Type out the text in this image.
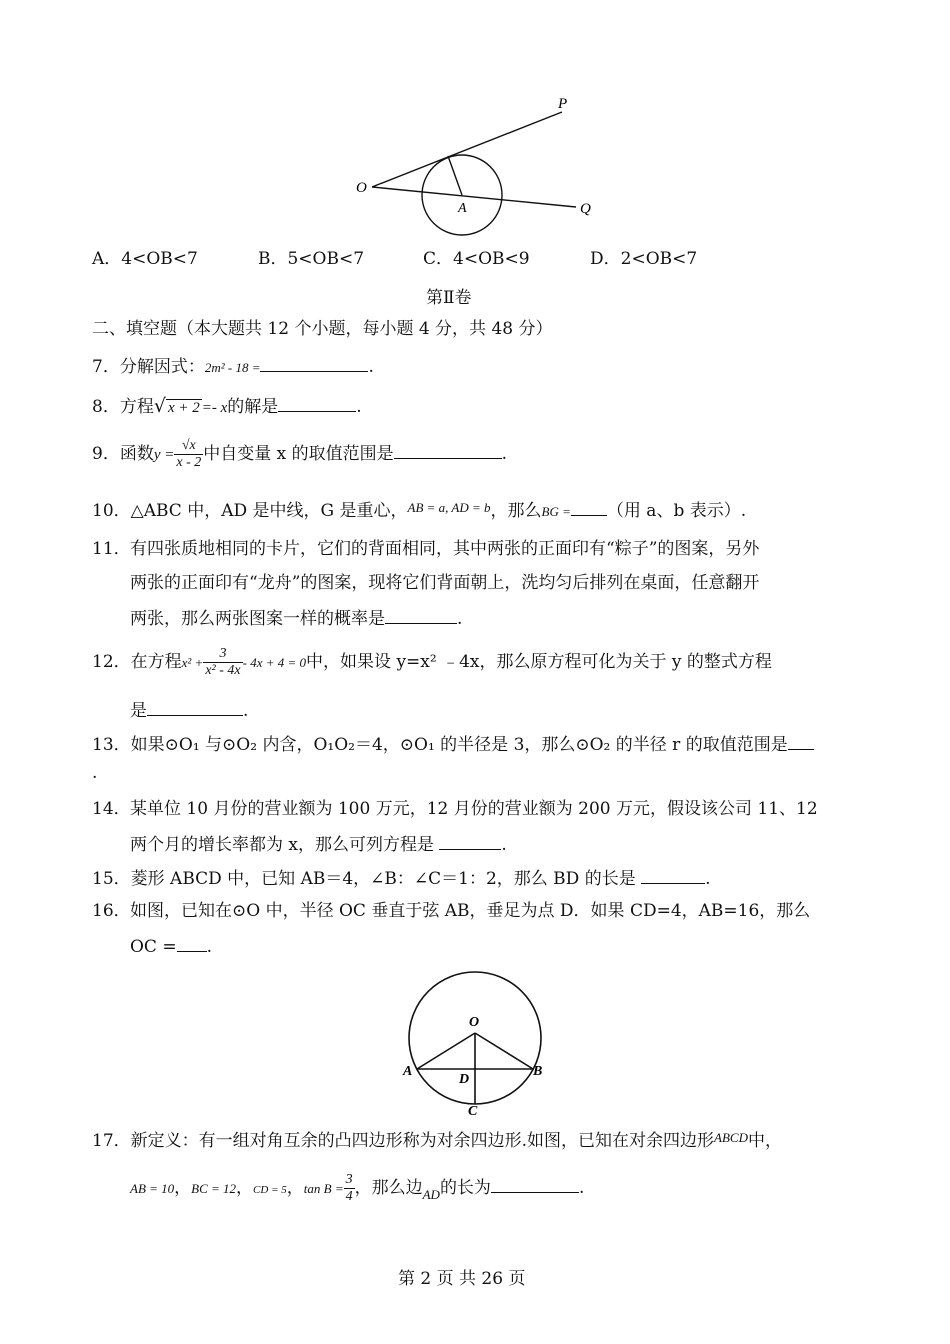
O
P
A	Q
A．4<OB<7	B．5<OB<7	C．4<OB<9	D．2<OB<7
第Ⅱ卷
二、填空题（本大题共 12 个小题，每小题 4 分，共 48 分）
7．分解因式：2m² - 18 =	.
8．方程√ x + 2 =- x的解是	.
9．函数$y = \frac{√x}{x - 2}$ 中自变量 x 的取值范围是	.
10．△ABC 中，AD 是中线，G 是重心，$^{AB = a, AD = b}$，那么BG = （用 a、b 表示）.
11． 有四张质地相同的卡片，它们的背面相同，其中两张的正面印有“粽子”的图案，另外
两张的正面印有“龙舟”的图案，现将它们背面朝上，洗均匀后排列在桌面，任意翻开
两张，那么两张图案一样的概率是	.
12．在方程$x^2 + \frac{3}{\text{x² - 4x}} - 4x + 4 = 0$中，如果设 y=x² ﹣4x，那么原方程可化为关于 y 的整式方程
是	.
13．如果⊙O₁ 与⊙O₂ 内含，O₁O₂＝4，⊙O₁ 的半径是 3，那么⊙O₂ 的半径 r 的取值范围是
.
14． 某单位 10 月份的营业额为 100 万元，12 月份的营业额为 200 万元，假设该公司 11、12
两个月的增长率都为 x，那么可列方程是	.
15．菱形 ABCD 中，已知 AB＝4，∠B：∠C＝1：2，那么 BD 的长是	.
16． 如图，已知在⊙O 中，半径 OC 垂直于弦 AB，垂足为点 D．如果 CD=4，AB=16，那么
OC = .
O
A	B
D
C
17．新定义：有一组对角互余的凸四边形称为对余四边形.如图，已知在对余四边形$^{ABCD}$中，
AB = 10，BC = 12，CD = 5，$\tan B = \frac{3}{4}$ ，那么边$_{AD}$的长为	.
第 2 页 共 26 页
